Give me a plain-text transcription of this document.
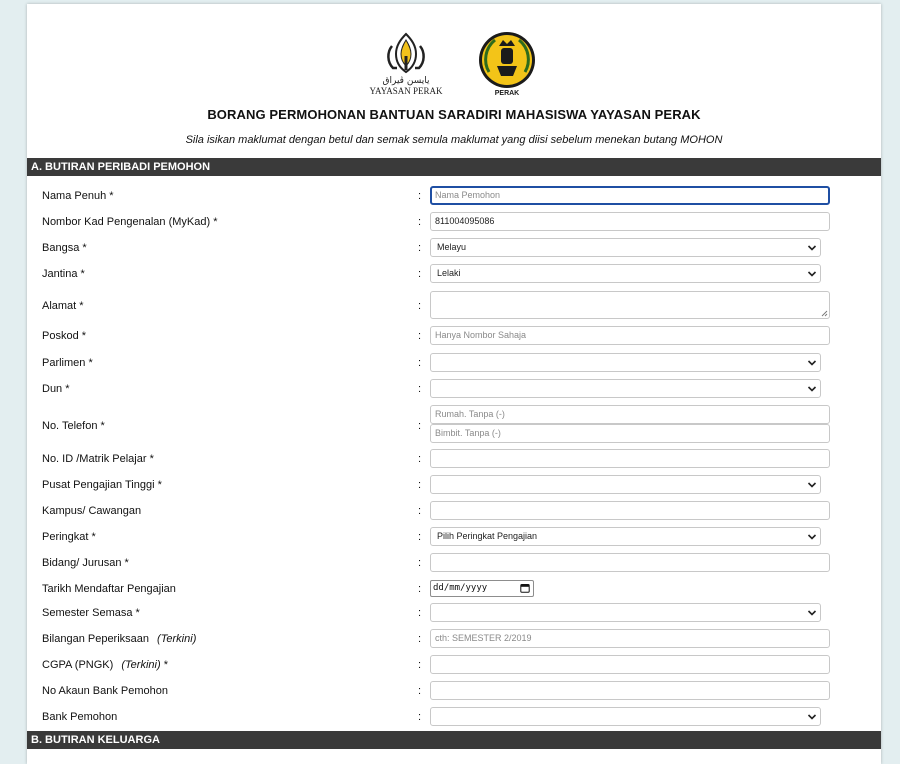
يايسن ڤيراق
YAYASAN PERAK	PERAK
BORANG PERMOHONAN BANTUAN SARADIRI MAHASISWA YAYASAN PERAK
Sila isikan maklumat dengan betul dan semak semula maklumat yang diisi sebelum menekan butang MOHON
A. BUTIRAN PERIBADI PEMOHON
Nama Penuh *	:	Nama Pemohon
Nombor Kad Pengenalan (MyKad) *	:	811004095086
Bangsa *	:	Melayu
Jantina *	:	Lelaki
Alamat *	:
Poskod *	:	Hanya Nombor Sahaja
Parlimen *	:
Dun *	:
No. Telefon *	:
Rumah. Tanpa (-)
Bimbit. Tanpa (-)
No. ID /Matrik Pelajar *	:
Pusat Pengajian Tinggi *	:
Kampus/ Cawangan	:
Peringkat *	:	Pilih Peringkat Pengajian
Bidang/ Jurusan *	:
Tarikh Mendaftar Pengajian	:	dd/mm/yyyy
Semester Semasa *	:
Bilangan Peperiksaan (Terkini)	:	cth: SEMESTER 2/2019
CGPA (PNGK) (Terkini) *	:
No Akaun Bank Pemohon	:
Bank Pemohon	:
B. BUTIRAN KELUARGA
